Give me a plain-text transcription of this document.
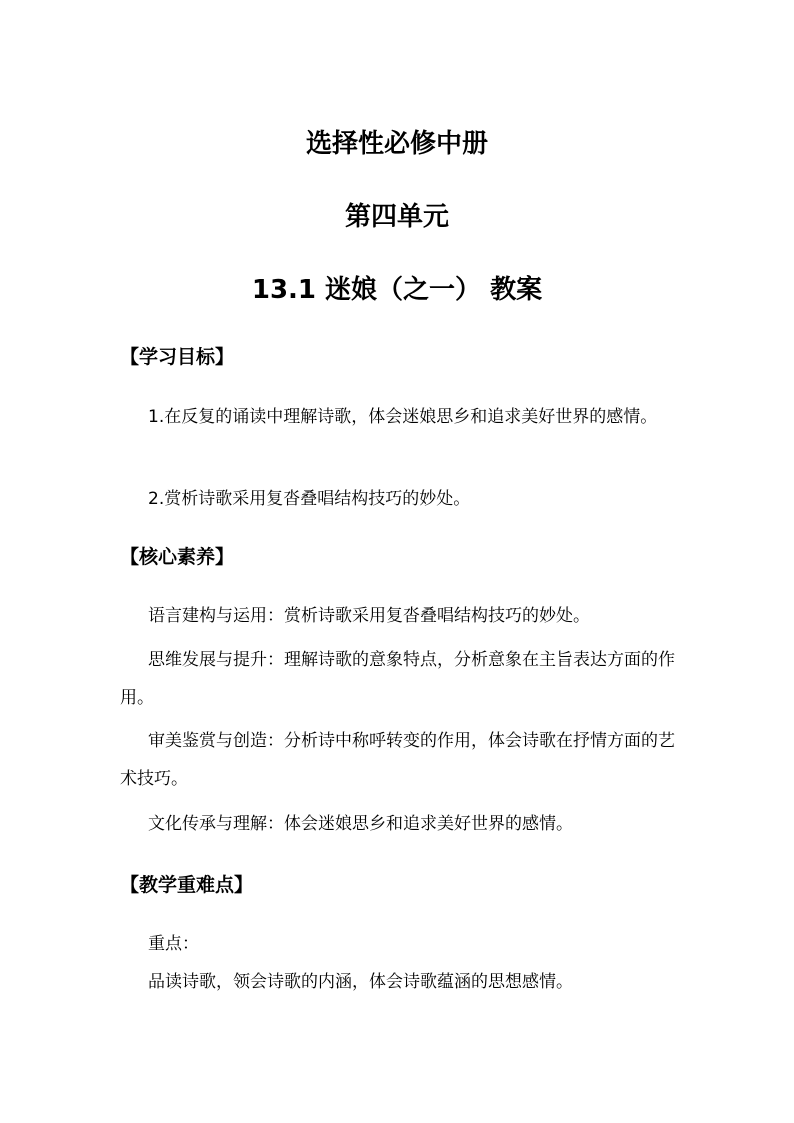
选择性必修中册
第四单元
13.1 迷娘（之一） 教案
【学习目标】
1.在反复的诵读中理解诗歌，体会迷娘思乡和追求美好世界的感情。
2.赏析诗歌采用复沓叠唱结构技巧的妙处。
【核心素养】
语言建构与运用：赏析诗歌采用复沓叠唱结构技巧的妙处。
思维发展与提升：理解诗歌的意象特点，分析意象在主旨表达方面的作用。
审美鉴赏与创造：分析诗中称呼转变的作用，体会诗歌在抒情方面的艺术技巧。
文化传承与理解：体会迷娘思乡和追求美好世界的感情。
【教学重难点】
重点：
品读诗歌，领会诗歌的内涵，体会诗歌蕴涵的思想感情。
